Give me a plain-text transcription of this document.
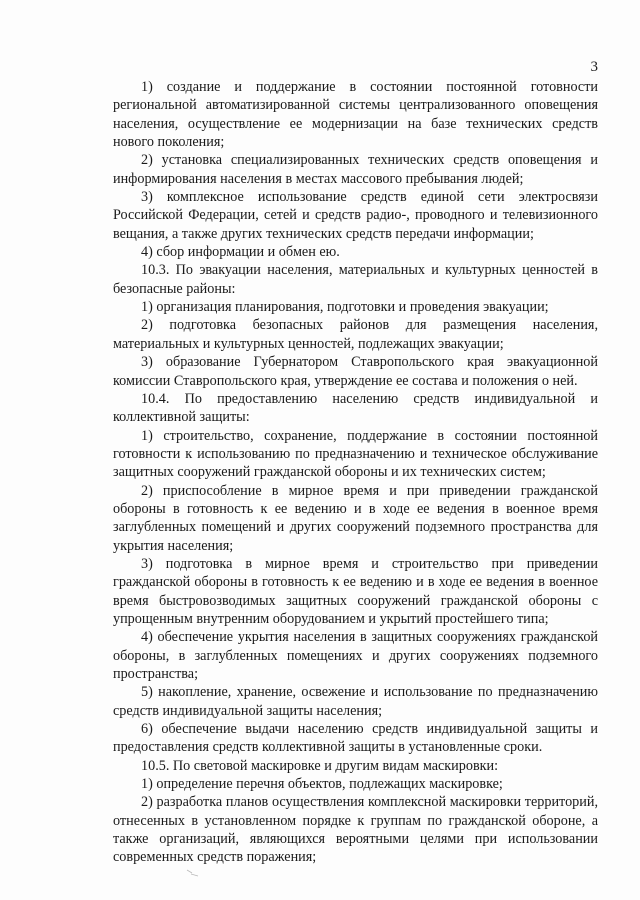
3

1) создание и поддержание в состоянии постоянной готовности региональной автоматизированной системы централизованного оповещения населения, осуществление ее модернизации на базе технических средств нового поколения;

2) установка специализированных технических средств оповещения и информирования населения в местах массового пребывания людей;

3) комплексное использование средств единой сети электросвязи Российской Федерации, сетей и средств радио-, проводного и телевизионного вещания, а также других технических средств передачи информации;

4) сбор информации и обмен ею.

10.3. По эвакуации населения, материальных и культурных ценностей в безопасные районы:

1) организация планирования, подготовки и проведения эвакуации;

2) подготовка безопасных районов для размещения населения, материальных и культурных ценностей, подлежащих эвакуации;

3) образование Губернатором Ставропольского края эвакуационной комиссии Ставропольского края, утверждение ее состава и положения о ней.

10.4. По предоставлению населению средств индивидуальной и коллективной защиты:

1) строительство, сохранение, поддержание в состоянии постоянной готовности к использованию по предназначению и техническое обслуживание защитных сооружений гражданской обороны и их технических систем;

2) приспособление в мирное время и при приведении гражданской обороны в готовность к ее ведению и в ходе ее ведения в военное время заглубленных помещений и других сооружений подземного пространства для укрытия населения;

3) подготовка в мирное время и строительство при приведении гражданской обороны в готовность к ее ведению и в ходе ее ведения в военное время быстровозводимых защитных сооружений гражданской обороны с упрощенным внутренним оборудованием и укрытий простейшего типа;

4) обеспечение укрытия населения в защитных сооружениях гражданской обороны, в заглубленных помещениях и других сооружениях подземного пространства;

5) накопление, хранение, освежение и использование по предназначению средств индивидуальной защиты населения;

6) обеспечение выдачи населению средств индивидуальной защиты и предоставления средств коллективной защиты в установленные сроки.

10.5. По световой маскировке и другим видам маскировки:

1) определение перечня объектов, подлежащих маскировке;

2) разработка планов осуществления комплексной маскировки территорий, отнесенных в установленном порядке к группам по гражданской обороне, а также организаций, являющихся вероятными целями при использовании современных средств поражения;
